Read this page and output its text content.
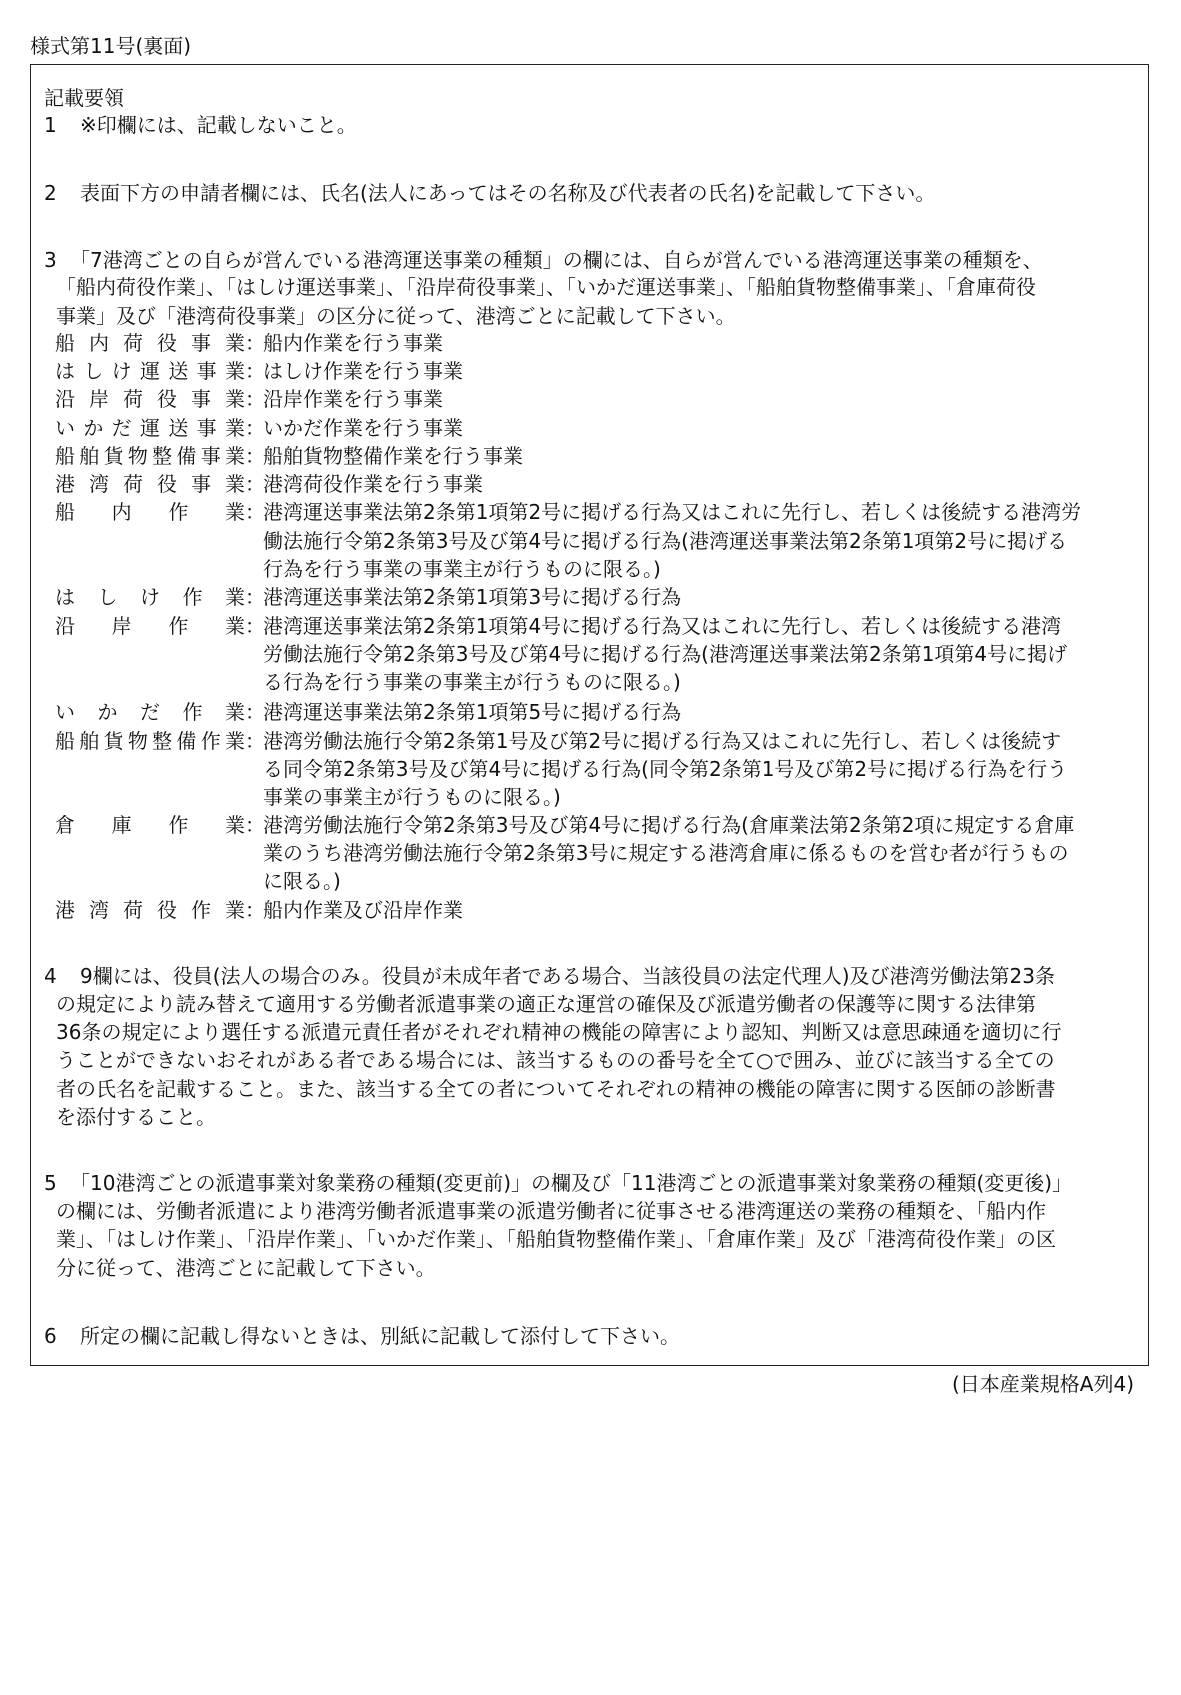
様式第11号(裏面)
記載要領
1	※印欄には、記載しないこと。
2	表面下方の申請者欄には、氏名(法人にあってはその名称及び代表者の氏名)を記載して下さい。
3 「7港湾ごとの自らが営んでいる港湾運送事業の種類」の欄には、自らが営んでいる港湾運送事業の種類を、
「船内荷役作業」、「はしけ運送事業」、「沿岸荷役事業」、「いかだ運送事業」、「船舶貨物整備事業」、「倉庫荷役
事業」及び「港湾荷役事業」の区分に従って、港湾ごとに記載して下さい。
4	9欄には、役員(法人の場合のみ。役員が未成年者である場合、当該役員の法定代理人)及び港湾労働法第23条
の規定により読み替えて適用する労働者派遣事業の適正な運営の確保及び派遣労働者の保護等に関する法律第
36条の規定により選任する派遣元責任者がそれぞれ精神の機能の障害により認知、判断又は意思疎通を適切に行
うことができないおそれがある者である場合には、該当するものの番号を全て○で囲み、並びに該当する全ての
者の氏名を記載すること。また、該当する全ての者についてそれぞれの精神の機能の障害に関する医師の診断書
を添付すること。
5 「10港湾ごとの派遣事業対象業務の種類(変更前)」の欄及び「11港湾ごとの派遣事業対象業務の種類(変更後)」
の欄には、労働者派遣により港湾労働者派遣事業の派遣労働者に従事させる港湾運送の業務の種類を、「船内作
業」、「はしけ作業」、「沿岸作業」、「いかだ作業」、「船舶貨物整備作業」、「倉庫作業」及び「港湾荷役作業」の区
分に従って、港湾ごとに記載して下さい。
6	所定の欄に記載し得ないときは、別紙に記載して添付して下さい。
船内荷役事業：船内作業を行う事業
はしけ運送事業：はしけ作業を行う事業
沿岸荷役事業：沿岸作業を行う事業
いかだ運送事業：いかだ作業を行う事業
船舶貨物整備事業：船舶貨物整備作業を行う事業
港湾荷役事業：港湾荷役作業を行う事業
船内作業：港湾運送事業法第2条第1項第2号に掲げる行為又はこれに先行し、若しくは後続する港湾労
働法施行令第2条第3号及び第4号に掲げる行為(港湾運送事業法第2条第1項第2号に掲げる
行為を行う事業の事業主が行うものに限る。)
はしけ作業：港湾運送事業法第2条第1項第3号に掲げる行為
沿岸作業：港湾運送事業法第2条第1項第4号に掲げる行為又はこれに先行し、若しくは後続する港湾
労働法施行令第2条第3号及び第4号に掲げる行為(港湾運送事業法第2条第1項第4号に掲げ
る行為を行う事業の事業主が行うものに限る。)
いかだ作業：港湾運送事業法第2条第1項第5号に掲げる行為
船舶貨物整備作業：港湾労働法施行令第2条第1号及び第2号に掲げる行為又はこれに先行し、若しくは後続す
る同令第2条第3号及び第4号に掲げる行為(同令第2条第1号及び第2号に掲げる行為を行う
事業の事業主が行うものに限る。)
倉庫作業：港湾労働法施行令第2条第3号及び第4号に掲げる行為(倉庫業法第2条第2項に規定する倉庫
業のうち港湾労働法施行令第2条第3号に規定する港湾倉庫に係るものを営む者が行うもの
に限る。)
港湾荷役作業：船内作業及び沿岸作業
(日本産業規格A列4)
